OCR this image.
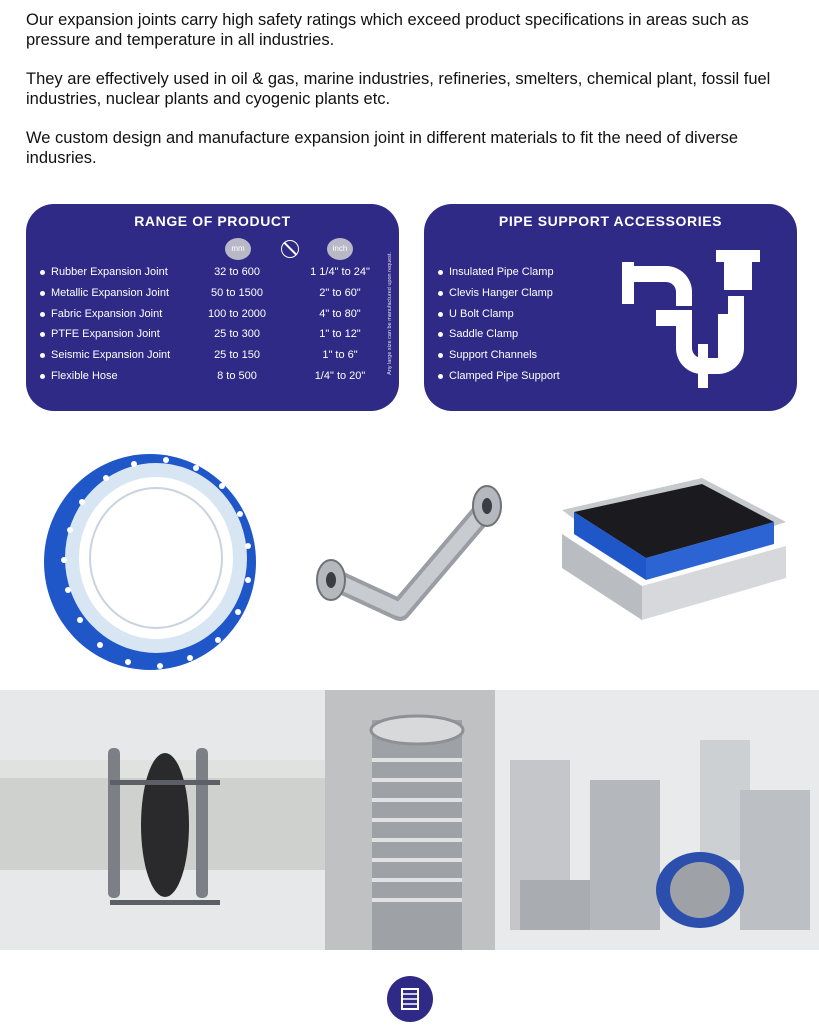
Our expansion joints carry high safety ratings which exceed product specifications in areas such as pressure and temperature in all industries.

They are effectively used in oil & gas, marine industries, refineries, smelters, chemical plant, fossil fuel industries, nuclear plants and cyogenic plants etc.

We custom design and manufacture expansion joint in different materials to fit the need of diverse indusries.

RANGE OF PRODUCT
mm	inch
Any large size can be manufactured upon request.
Rubber Expansion Joint	32 to 600	1 1/4" to 24"
Metallic Expansion Joint	50 to 1500	2" to 60"
Fabric Expansion Joint	100 to 2000	4" to 80"
PTFE Expansion Joint	25 to 300	1" to 12"
Seismic Expansion Joint	25 to 150	1" to 6"
Flexible Hose	8 to 500	1/4" to 20"
PIPE SUPPORT ACCESSORIES
Insulated Pipe Clamp
Clevis Hanger Clamp
U Bolt Clamp
Saddle Clamp
Support Channels
Clamped Pipe Support
